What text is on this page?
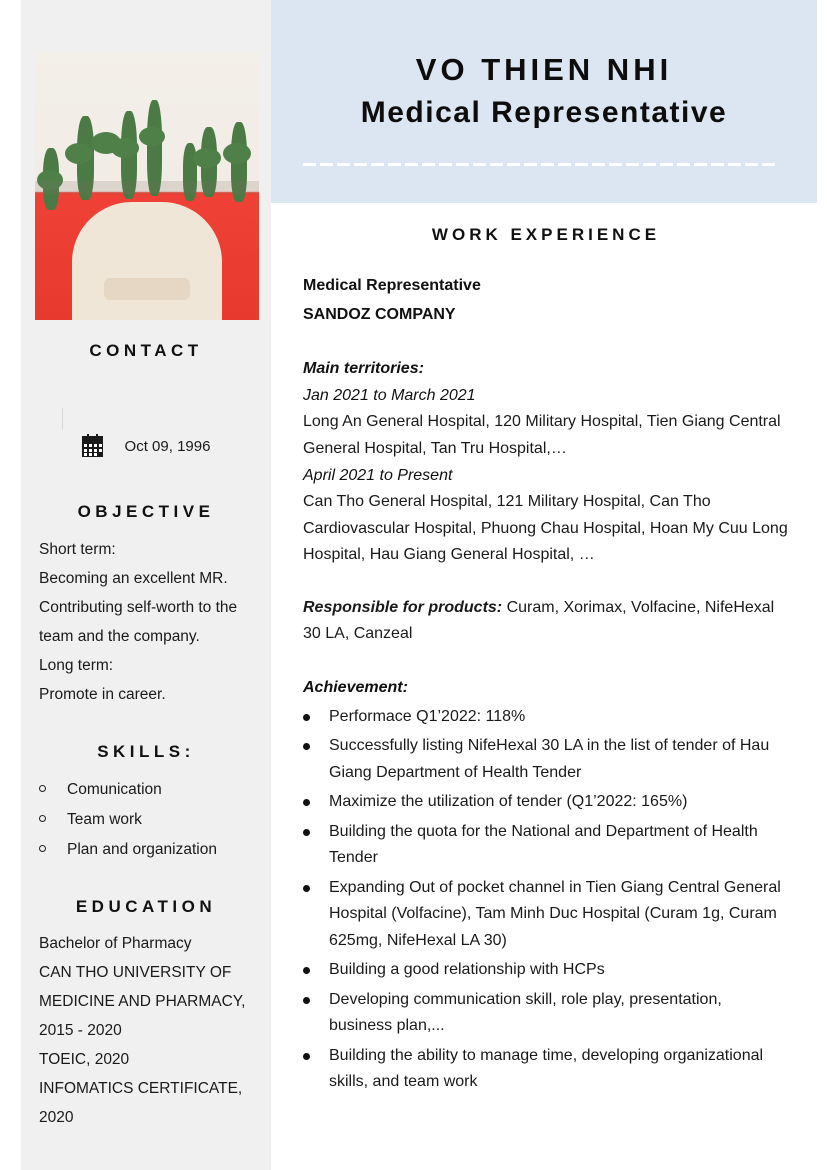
CONTACT
Oct 09, 1996
OBJECTIVE
Short term:
Becoming an excellent MR.
Contributing self-worth to the team and the company.
Long term:
Promote in career.
SKILLS:
Comunication
Team work
Plan and organization
EDUCATION
Bachelor of Pharmacy
CAN THO UNIVERSITY OF MEDICINE AND PHARMACY, 2015 - 2020
TOEIC, 2020
INFOMATICS CERTIFICATE, 2020
VO THIEN NHI
Medical Representative
WORK EXPERIENCE
Medical Representative
SANDOZ COMPANY
Main territories:
Jan 2021 to March 2021
Long An General Hospital, 120 Military Hospital, Tien Giang Central General Hospital, Tan Tru Hospital,…
April 2021 to Present
Can Tho General Hospital, 121 Military Hospital, Can Tho Cardiovascular Hospital, Phuong Chau Hospital, Hoan My Cuu Long Hospital, Hau Giang General Hospital, …
Responsible for products: Curam, Xorimax, Volfacine, NifeHexal 30 LA, Canzeal
Achievement:
Performace Q1’2022: 118%
Successfully listing NifeHexal 30 LA in the list of tender of Hau Giang Department of Health Tender
Maximize the utilization of tender (Q1’2022: 165%)
Building the quota for the National and Department of Health Tender
Expanding Out of pocket channel in Tien Giang Central General Hospital (Volfacine), Tam Minh Duc Hospital (Curam 1g, Curam 625mg, NifeHexal LA 30)
Building a good relationship with HCPs
Developing communication skill, role play, presentation, business plan,...
Building the ability to manage time, developing organizational skills, and team work
